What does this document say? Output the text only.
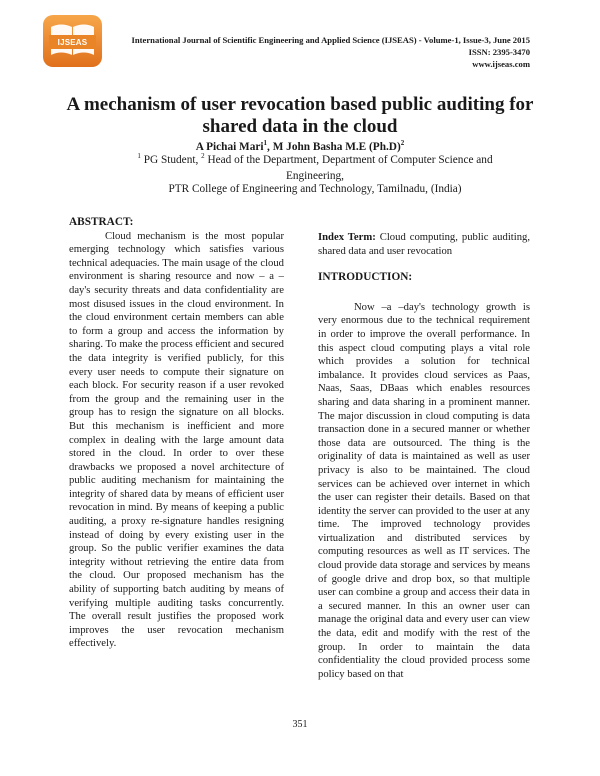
IJSEAS	International Journal of Scientific Engineering and Applied Science (IJSEAS) - Volume-1, Issue-3, June 2015
ISSN: 2395-3470
www.ijseas.com
A mechanism of user revocation based public auditing for shared data in the cloud
A Pichai Mari$^1$, M John Basha M.E $(Ph.D)^2$
$^1$ PG Student, $^2$ Head of the Department, Department of Computer Science and Engineering,
PTR College of Engineering and Technology, Tamilnadu, (India)

ABSTRACT:

Cloud mechanism is the most popular emerging technology which satisfies various technical adequacies. The main usage of the cloud environment is sharing resource and now – a –day's security threats and data confidentiality are most disused issues in the cloud environment. In the cloud environment certain members can able to form a group and access the information by sharing. To make the process efficient and secured the data integrity is verified publicly, for this every user needs to compute their signature on each block. For security reason if a user revoked from the group and the remaining user in the group has to resign the signature on all blocks. But this mechanism is inefficient and more complex in dealing with the large amount data stored in the cloud. In order to over these drawbacks we proposed a novel architecture of public auditing mechanism for maintaining the integrity of shared data by means of efficient user revocation in mind. By means of keeping a public auditing, a proxy re-signature handles resigning instead of doing by every existing user in the group. So the public verifier examines the data integrity without retrieving the entire data from the cloud. Our proposed mechanism has the ability of supporting batch auditing by means of verifying multiple auditing tasks concurrently. The overall result justifies the proposed work improves the user revocation mechanism effectively.

Index Term: Cloud computing, public auditing, shared data and user revocation

INTRODUCTION:

Now –a –day's technology growth is very enormous due to the technical requirement in order to improve the overall performance. In this aspect cloud computing plays a vital role which provides a solution for technical imbalance. It provides cloud services as Paas, Naas, Saas, DBaas which enables resources sharing and data sharing in a prominent manner. The major discussion in cloud computing is data transaction done in a secured manner or whether those data are outsourced. The thing is the originality of data is maintained as well as user privacy is also to be maintained. The cloud services can be achieved over internet in which the user can register their details. Based on that identity the server can provided to the user at any time. The improved technology provides virtualization and distributed services by computing resources as well as IT services. The cloud provide data storage and services by means of google drive and drop box, so that multiple user can combine a group and access their data in a secured manner. In this an owner user can manage the original data and every user can view the data, edit and modify with the rest of the group. In order to maintain the data confidentiality the cloud provided process some policy based on that

351
